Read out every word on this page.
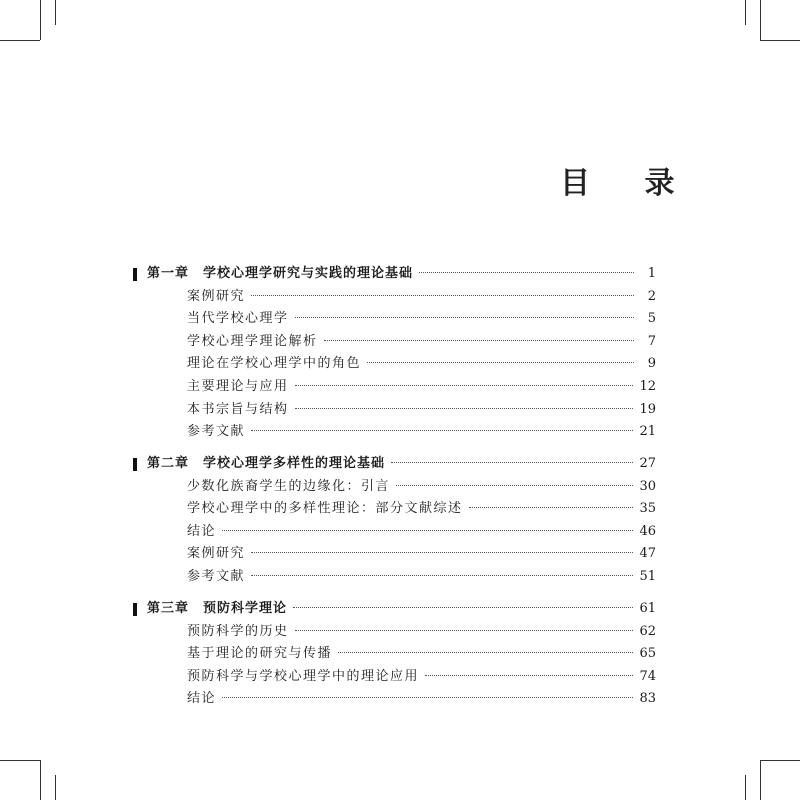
目 录
第一章 学校心理学研究与实践的理论基础	1
案例研究	2
当代学校心理学	5
学校心理学理论解析	7
理论在学校心理学中的角色	9
主要理论与应用	12
本书宗旨与结构	19
参考文献	21
第二章 学校心理学多样性的理论基础	27
少数化族裔学生的边缘化：引言	30
学校心理学中的多样性理论：部分文献综述	35
结论	46
案例研究	47
参考文献	51
第三章 预防科学理论	61
预防科学的历史	62
基于理论的研究与传播	65
预防科学与学校心理学中的理论应用	74
结论	83
